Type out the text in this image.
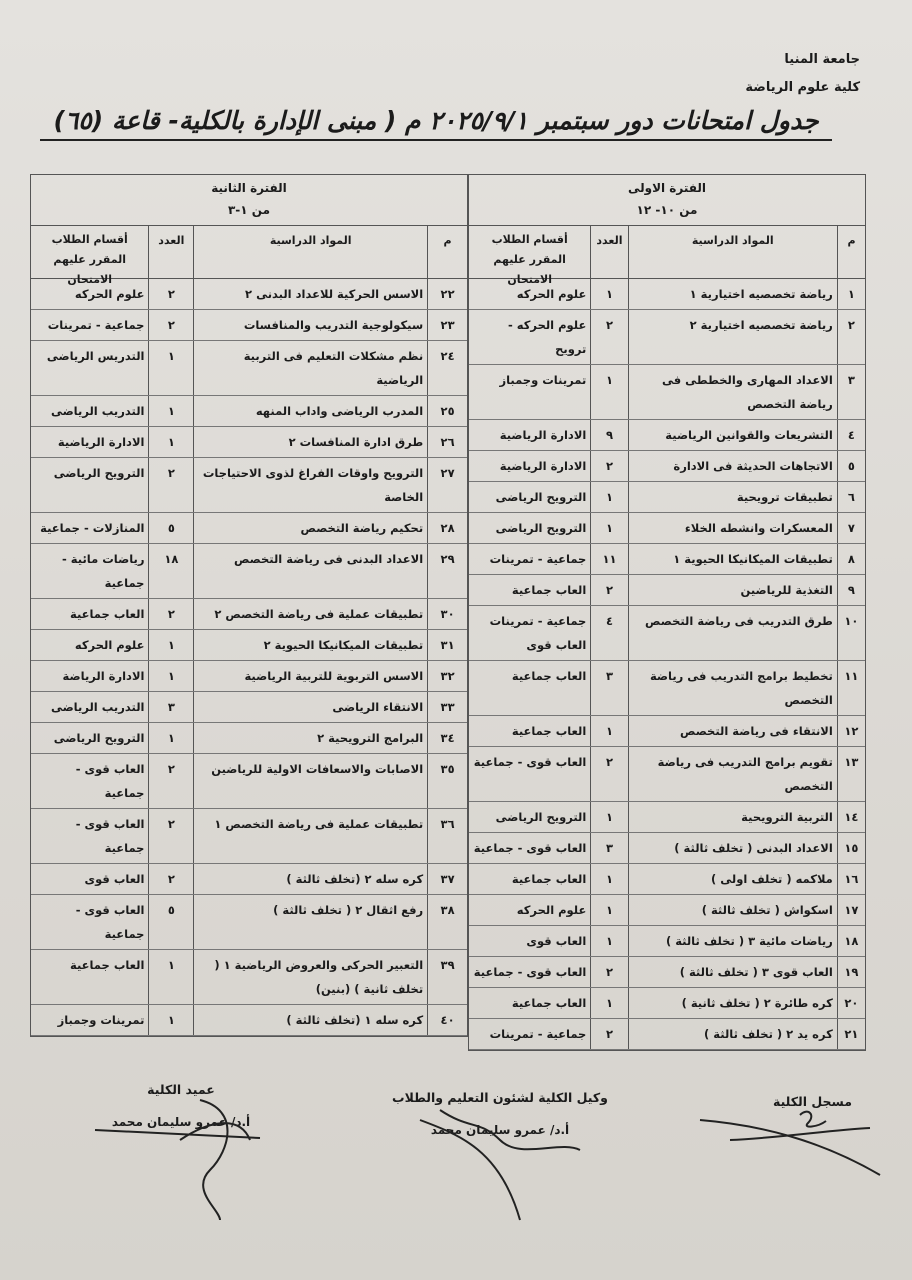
جامعة المنيا
كلية علوم الرياضة
جدول امتحانات دور سبتمبر ٢٠٢٥/٩/١ م ( مبنى الإدارة بالكلية- قاعة (٦٥)
الفترة الثانية
من ١-٣
م
المواد الدراسية
العدد
أقسام الطلاب المقرر عليهم الامتحان
٢٢
الاسس الحركية للاعداد البدنى ٢
٢
علوم الحركه
٢٣
سيكولوجية التدريب والمنافسات
٢
جماعية - تمرينات
٢٤
نظم مشكلات التعليم فى التربية الرياضية
١
التدريس الرياضى
٢٥
المدرب الرياضى واداب المنهه
١
التدريب الرياضى
٢٦
طرق ادارة المنافسات ٢
١
الادارة الرياضية
٢٧
الترويح واوقات الفراغ لذوى الاحتياجات الخاصة
٢
الترويح الرياضى
٢٨
تحكيم رياضة التخصص
٥
المنازلات - جماعية
٢٩
الاعداد البدنى فى رياضة التخصص
١٨
رياضات مائية - جماعية
٣٠
تطبيقات عملية فى رياضة التخصص ٢
٢
العاب جماعية
٣١
تطبيقات الميكانيكا الحيوية ٢
١
علوم الحركه
٣٢
الاسس التربوية للتربية الرياضية
١
الادارة الرياضة
٣٣
الانتقاء الرياضى
٣
التدريب الرياضى
٣٤
البرامج الترويحية ٢
١
الترويح الرياضى
٣٥
الاصابات والاسعافات الاولية للرياضين
٢
العاب قوى - جماعية
٣٦
تطبيقات عملية فى رياضة التخصص ١
٢
العاب قوى - جماعية
٣٧
كره سله ٢ (تخلف ثالثة )
٢
العاب قوى
٣٨
رفع اثقال ٢ ( تخلف ثالثة )
٥
العاب قوى - جماعية
٣٩
التعبير الحركى والعروض الرياضية ١ ( تخلف ثانية ) (بنين)
١
العاب جماعية
٤٠
كره سله ١ (تخلف ثالثة )
١
تمرينات وجمباز
الفترة الاولى
من ١٠- ١٢
م
المواد الدراسية
العدد
أقسام الطلاب المقرر عليهم الامتحان
١
رياضة تخصصيه اختيارية ١
١
علوم الحركه
٢
رياضة تخصصيه اختيارية ٢
٢
علوم الحركه - ترويح
٣
الاعداد المهارى والخططى فى رياضة التخصص
١
تمرينات وجمباز
٤
التشريعات والقوانين الرياضية
٩
الادارة الرياضية
٥
الاتجاهات الحديثة فى الادارة
٢
الادارة الرياضية
٦
تطبيقات ترويحية
١
الترويح الرياضى
٧
المعسكرات وانشطه الخلاء
١
الترويح الرياضى
٨
تطبيقات الميكانيكا الحيوية ١
١١
جماعية - تمرينات
٩
التغذية للرياضين
٢
العاب جماعية
١٠
طرق التدريب فى رياضة التخصص
٤
جماعية - تمرينات العاب قوى
١١
تخطيط برامج التدريب فى رياضة التخصص
٣
العاب جماعية
١٢
الانتقاء فى رياضة التخصص
١
العاب جماعية
١٣
تقويم برامج التدريب فى رياضة التخصص
٢
العاب قوى - جماعية
١٤
التربية الترويحية
١
الترويح الرياضى
١٥
الاعداد البدنى ( تخلف ثالثة )
٣
العاب قوى - جماعية
١٦
ملاكمه ( تخلف اولى )
١
العاب جماعية
١٧
اسكواش ( تخلف ثالثة )
١
علوم الحركه
١٨
رياضات مائية ٣ ( تخلف ثالثة )
١
العاب قوى
١٩
العاب قوى ٣ ( تخلف ثالثة )
٢
العاب قوى - جماعية
٢٠
كره طائرة ٢ ( تخلف ثانية )
١
العاب جماعية
٢١
كره يد ٢ ( تخلف ثالثة )
٢
جماعية - تمرينات
مسجل الكلية
وكيل الكلية لشئون التعليم والطلاب
أ.د/ عمرو سليمان محمد
عميد الكلية
أ.د/ عمرو سليمان محمد
